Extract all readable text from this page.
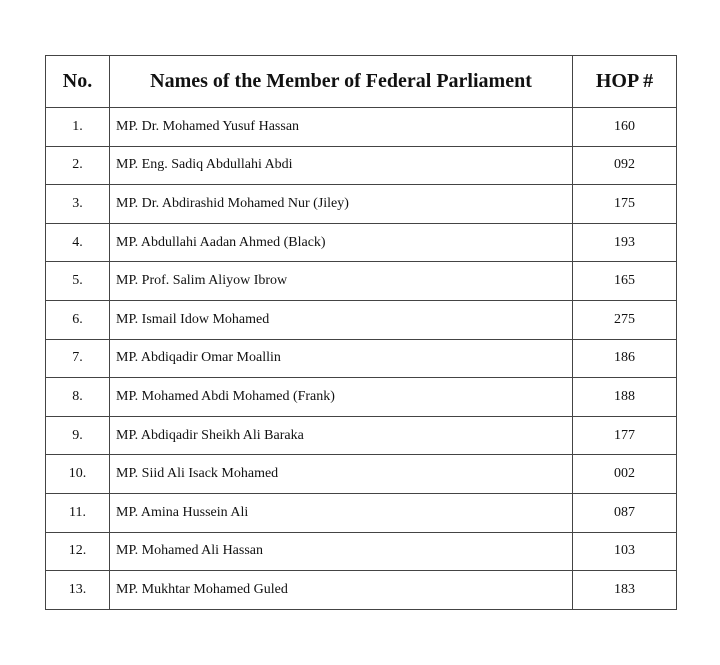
No.	Names of the Member of Federal Parliament	HOP #
1.	MP. Dr. Mohamed Yusuf Hassan	160
2.	MP. Eng. Sadiq Abdullahi Abdi	092
3.	MP. Dr. Abdirashid Mohamed Nur (Jiley)	175
4.	MP. Abdullahi Aadan Ahmed (Black)	193
5.	MP. Prof. Salim Aliyow Ibrow	165
6.	MP. Ismail Idow Mohamed	275
7.	MP. Abdiqadir Omar Moallin	186
8.	MP. Mohamed Abdi Mohamed (Frank)	188
9.	MP. Abdiqadir Sheikh Ali Baraka	177
10.	MP. Siid Ali Isack Mohamed	002
11.	MP. Amina Hussein Ali	087
12.	MP. Mohamed Ali Hassan	103
13.	MP. Mukhtar Mohamed Guled	183
